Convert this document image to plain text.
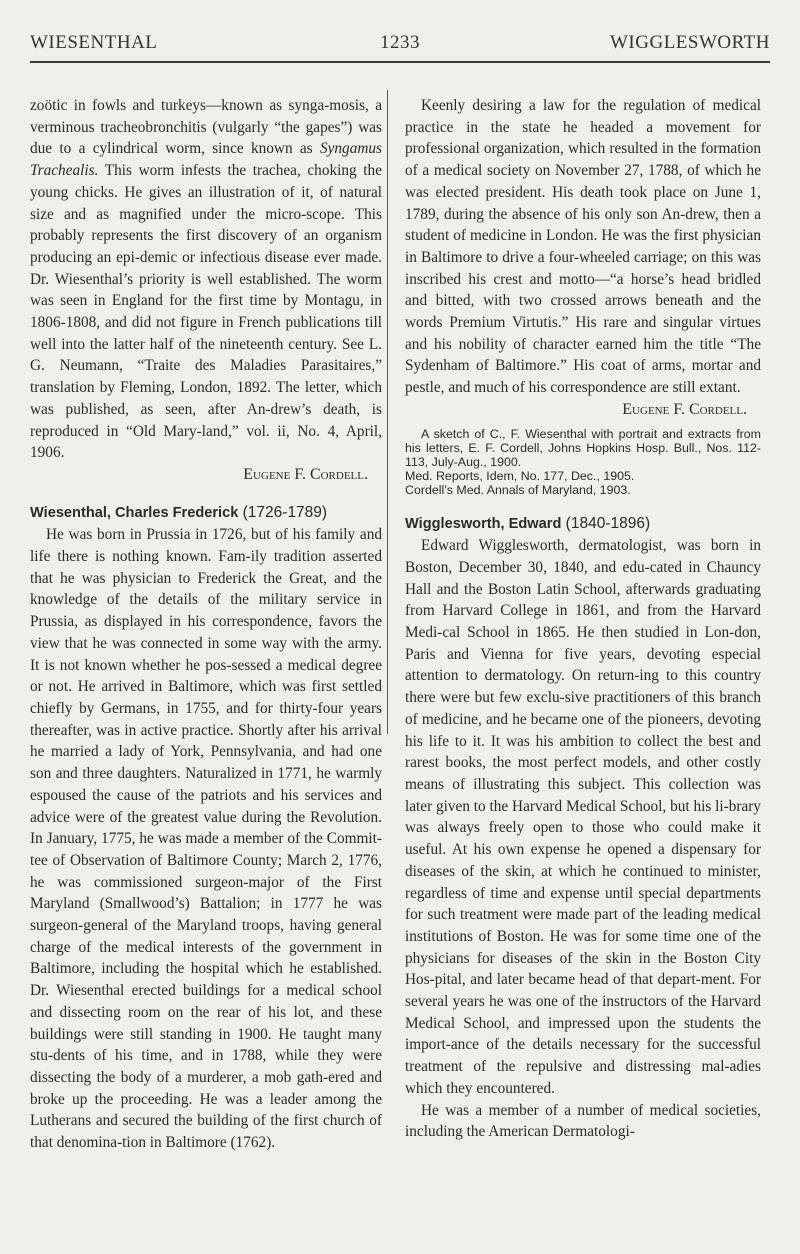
WIESENTHAL	1233	WIGGLESWORTH

zoötic in fowls and turkeys—known as synga-mosis, a verminous tracheobronchitis (vulgarly “the gapes”) was due to a cylindrical worm, since known as Syngamus Trachealis. This worm infests the trachea, choking the young chicks. He gives an illustration of it, of natural size and as magnified under the micro-scope. This probably represents the first discovery of an organism producing an epi-demic or infectious disease ever made. Dr. Wiesenthal’s priority is well established. The worm was seen in England for the first time by Montagu, in 1806-1808, and did not figure in French publications till well into the latter half of the nineteenth century. See L. G. Neumann, “Traite des Maladies Parasitaires,” translation by Fleming, London, 1892. The letter, which was published, as seen, after An-drew’s death, is reproduced in “Old Mary-land,” vol. ii, No. 4, April, 1906.

Eugene F. Cordell.

Wiesenthal, Charles Frederick (1726-1789)

He was born in Prussia in 1726, but of his family and life there is nothing known. Fam-ily tradition asserted that he was physician to Frederick the Great, and the knowledge of the details of the military service in Prussia, as displayed in his correspondence, favors the view that he was connected in some way with the army. It is not known whether he pos-sessed a medical degree or not. He arrived in Baltimore, which was first settled chiefly by Germans, in 1755, and for thirty-four years thereafter, was in active practice. Shortly after his arrival he married a lady of York, Pennsylvania, and had one son and three daughters. Naturalized in 1771, he warmly espoused the cause of the patriots and his services and advice were of the greatest value during the Revolution. In January, 1775, he was made a member of the Commit-tee of Observation of Baltimore County; March 2, 1776, he was commissioned surgeon-major of the First Maryland (Smallwood’s) Battalion; in 1777 he was surgeon-general of the Maryland troops, having general charge of the medical interests of the government in Baltimore, including the hospital which he established. Dr. Wiesenthal erected buildings for a medical school and dissecting room on the rear of his lot, and these buildings were still standing in 1900. He taught many stu-dents of his time, and in 1788, while they were dissecting the body of a murderer, a mob gath-ered and broke up the proceeding. He was a leader among the Lutherans and secured the building of the first church of that denomina-tion in Baltimore (1762).

Keenly desiring a law for the regulation of medical practice in the state he headed a movement for professional organization, which resulted in the formation of a medical society on November 27, 1788, of which he was elected president. His death took place on June 1, 1789, during the absence of his only son An-drew, then a student of medicine in London. He was the first physician in Baltimore to drive a four-wheeled carriage; on this was inscribed his crest and motto—“a horse’s head bridled and bitted, with two crossed arrows beneath and the words Premium Virtutis.” His rare and singular virtues and his nobility of character earned him the title “The Sydenham of Baltimore.” His coat of arms, mortar and pestle, and much of his correspondence are still extant.

Eugene F. Cordell.

A sketch of C., F. Wiesenthal with portrait and extracts from his letters, E. F. Cordell, Johns Hopkins Hosp. Bull., Nos. 112-113, July-Aug., 1900.

Med. Reports, Idem, No. 177, Dec., 1905.

Cordell’s Med. Annals of Maryland, 1903.

Wigglesworth, Edward (1840-1896)

Edward Wigglesworth, dermatologist, was born in Boston, December 30, 1840, and edu-cated in Chauncy Hall and the Boston Latin School, afterwards graduating from Harvard College in 1861, and from the Harvard Medi-cal School in 1865. He then studied in Lon-don, Paris and Vienna for five years, devoting especial attention to dermatology. On return-ing to this country there were but few exclu-sive practitioners of this branch of medicine, and he became one of the pioneers, devoting his life to it. It was his ambition to collect the best and rarest books, the most perfect models, and other costly means of illustrating this subject. This collection was later given to the Harvard Medical School, but his li-brary was always freely open to those who could make it useful. At his own expense he opened a dispensary for diseases of the skin, at which he continued to minister, regardless of time and expense until special departments for such treatment were made part of the leading medical institutions of Boston. He was for some time one of the physicians for diseases of the skin in the Boston City Hos-pital, and later became head of that depart-ment. For several years he was one of the instructors of the Harvard Medical School, and impressed upon the students the import-ance of the details necessary for the successful treatment of the repulsive and distressing mal-adies which they encountered.

He was a member of a number of medical societies, including the American Dermatologi-
